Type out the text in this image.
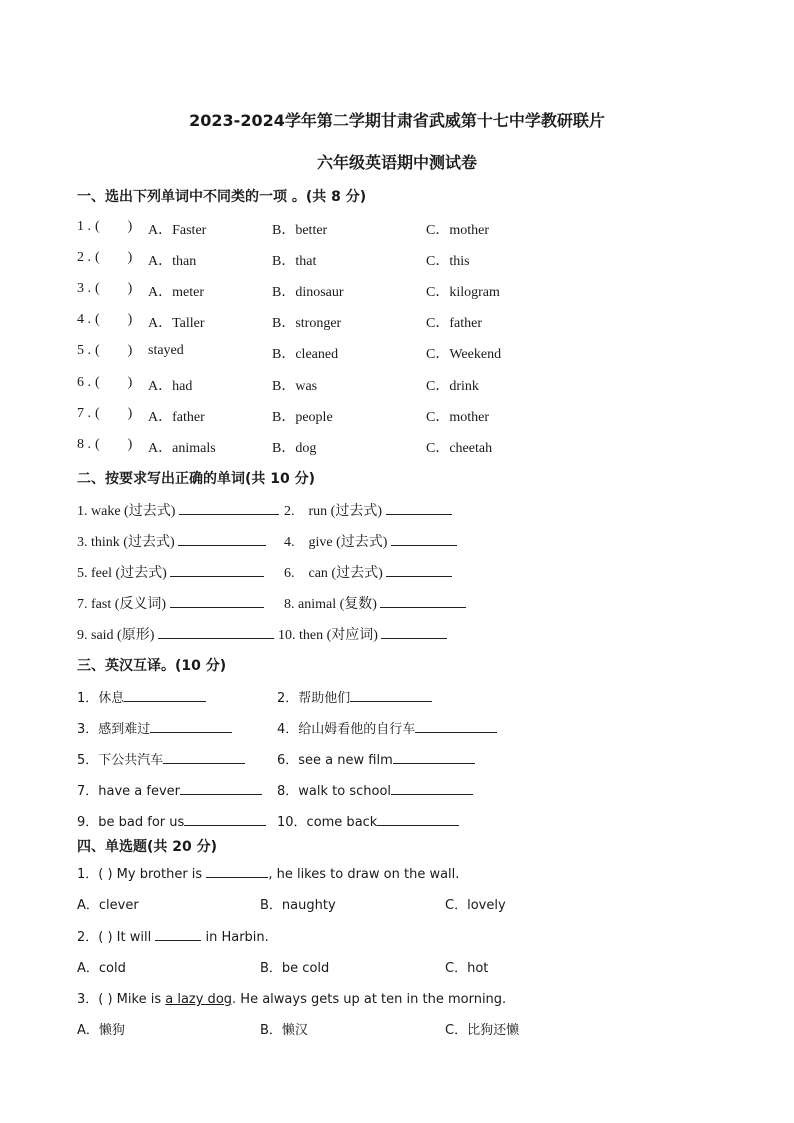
2023-2024学年第二学期甘肃省武威第十七中学教研联片
六年级英语期中测试卷
一、选出下列单词中不同类的一项 。(共 8 分)
1 . (        ) A．Faster	B．better	C．mother
2 . (        ) A．than	B．that	C．this
3 . (        ) A．meter	B．dinosaur	C．kilogram
4 . (        ) A．Taller	B．stronger	C．father
5 . (        ) stayed	B．cleaned	C．Weekend
6 . (        ) A．had	B．was	C．drink
7 . (        ) A．father	B．people	C．mother
8 . (        ) A．animals	B．dog	C．cheetah
二、按要求写出正确的单词(共 10 分)
1. wake (过去式)	2.    run (过去式)
3. think (过去式)	4.    give (过去式)
5. feel (过去式)	6.    can (过去式)
7. fast (反义词)	8. animal (复数)
9. said (原形)	10. then (对应词)
三、英汉互译。(10 分)
1．休息	2．帮助他们
3．感到难过	4．给山姆看他的自行车
5．下公共汽车	6．see a new film
7．have a fever	8．walk to school
9．be bad for us	10．come back
四、单选题(共 20 分)
1．( ) My brother is	, he likes to draw on the wall.
A．clever	B．naughty	C．lovely
2．( ) It will	in Harbin.
A．cold	B．be cold	C．hot
3．( ) Mike is a lazy dog. He always gets up at ten in the morning.
A．懒狗	B．懒汉	C．比狗还懒
